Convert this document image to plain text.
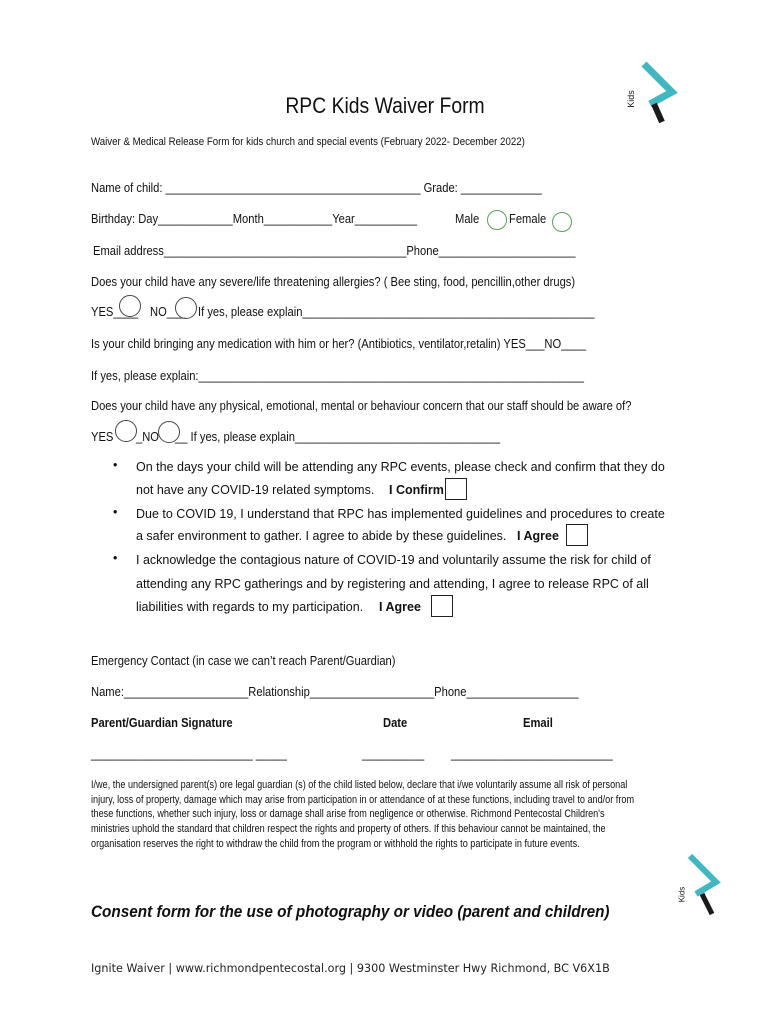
Kids
RPC Kids Waiver Form
Waiver & Medical Release Form for kids church and special events (February 2022- December 2022)
Name of child: _________________________________________ Grade: _____________
Birthday: Day____________Month___________Year__________	Male Female
Email address_______________________________________Phone______________________
Does your child have any severe/life threatening allergies? ( Bee sting, food, pencillin,other drugs)
YES____ NO___ If yes, please explain_______________________________________________
Is your child bringing any medication with him or her? (Antibiotics, ventilator,retalin) YES___NO____
If yes, please explain:______________________________________________________________
Does your child have any physical, emotional, mental or behaviour concern that our staff should be aware of?
YES _NO __ If yes, please explain_________________________________
• On the days your child will be attending any RPC events, please check and confirm that they do
not have any COVID-19 related symptoms. I Confirm
• Due to COVID 19, I understand that RPC has implemented guidelines and procedures to create
a safer environment to gather. I agree to abide by these guidelines. I Agree
• I acknowledge the contagious nature of COVID-19 and voluntarily assume the risk for child of
attending any RPC gatherings and by registering and attending, I agree to release RPC of all
liabilities with regards to my participation. I Agree
Emergency Contact (in case we can’t reach Parent/Guardian)
Name:____________________Relationship____________________Phone__________________
Parent/Guardian Signature	Date	Email
__________________________ _____	__________ __________________________
I/we, the undersigned parent(s) ore legal guardian (s) of the child listed below, declare that i/we voluntarily assume all risk of personal injury, loss of property, damage which may arise from participation in or attendance of at these functions, including travel to and/or from these functions, whether such injury, loss or damage shall arise from negligence or otherwise. Richmond Pentecostal Children's ministries uphold the standard that children respect the rights and property of others. If this behaviour cannot be maintained, the organisation reserves the right to withdraw the child from the program or withhold the rights to participate in future events.
Kids
Consent form for the use of photography or video (parent and children)
Ignite Waiver | www.richmondpentecostal.org | 9300 Westminster Hwy Richmond, BC V6X1B
